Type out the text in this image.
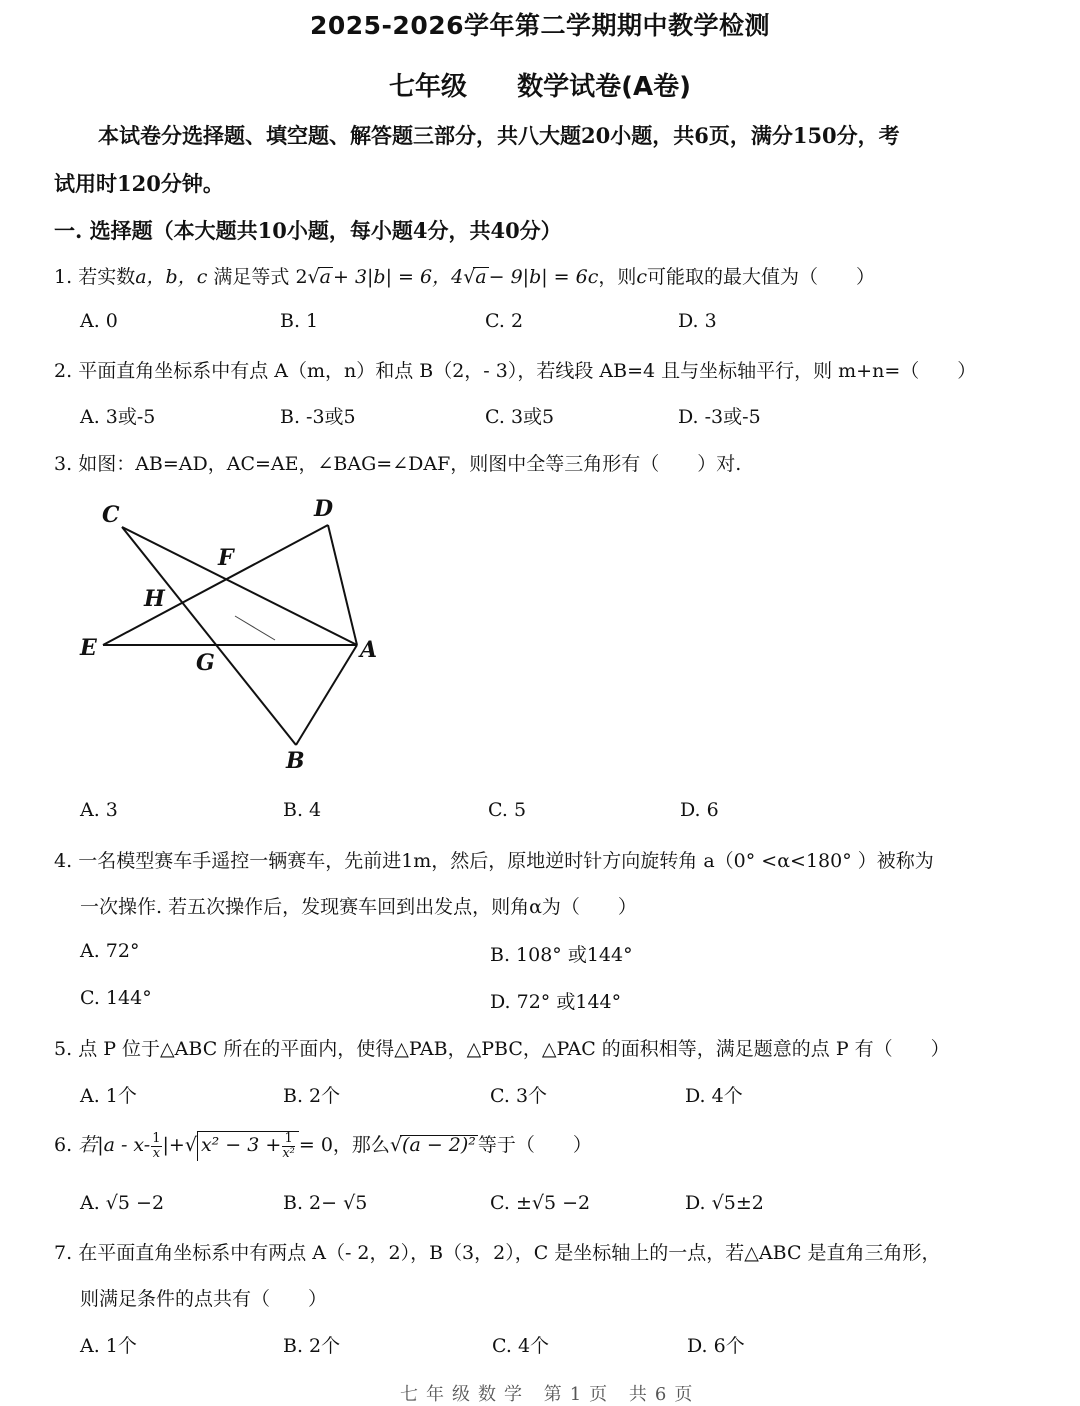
2025-2026学年第二学期期中教学检测
七年级 数学试卷(A卷)
本试卷分选择题、填空题、解答题三部分，共八大题20小题，共6页，满分150分，考
试用时120分钟。
一. 选择题（本大题共10小题，每小题4分，共40分）
1. 若实数a，b，c 满足等式 2√a + 3|b| = 6，4√a − 9|b| = 6c，则c可能取的最大值为（　　）
A. 0	B. 1	C. 2	D. 3
2. 平面直角坐标系中有点 A（m，n）和点 B（2，- 3），若线段 AB=4 且与坐标轴平行，则 m+n=（　　）
A. 3或-5	B. -3或5	C. 3或5	D. -3或-5
3. 如图：AB=AD，AC=AE，∠BAG=∠DAF，则图中全等三角形有（　　）对.
C	D
F
H
E
G	A
B
A. 3	B. 4	C. 5	D. 6
4. 一名模型赛车手遥控一辆赛车，先前进1m，然后，原地逆时针方向旋转角 a（0° <α<180° ）被称为
一次操作. 若五次操作后，发现赛车回到出发点，则角α为（　　）
A. 72°	B. 108° 或144°
C. 144°	D. 72° 或144°
5. 点 P 位于△ABC 所在的平面内，使得△PAB，△PBC，△PAC 的面积相等，满足题意的点 P 有（　　）
A. 1个	B. 2个	C. 3个	D. 4个
6. 若$|a - x- \frac{1}{x}$ |+√ $x^2 - 3 + \frac{1}{\text{x²}} = 0$，那么√(a − 2)² 等于（　　）
A. √5 −2	B. 2− √5	C. ±√5 −2	D. √5±2
7. 在平面直角坐标系中有两点 A（- 2，2），B（3，2），C 是坐标轴上的一点，若△ABC 是直角三角形，
则满足条件的点共有（　　）
A. 1个	B. 2个	C. 4个	D. 6个
七年级数学 第1页 共6页
